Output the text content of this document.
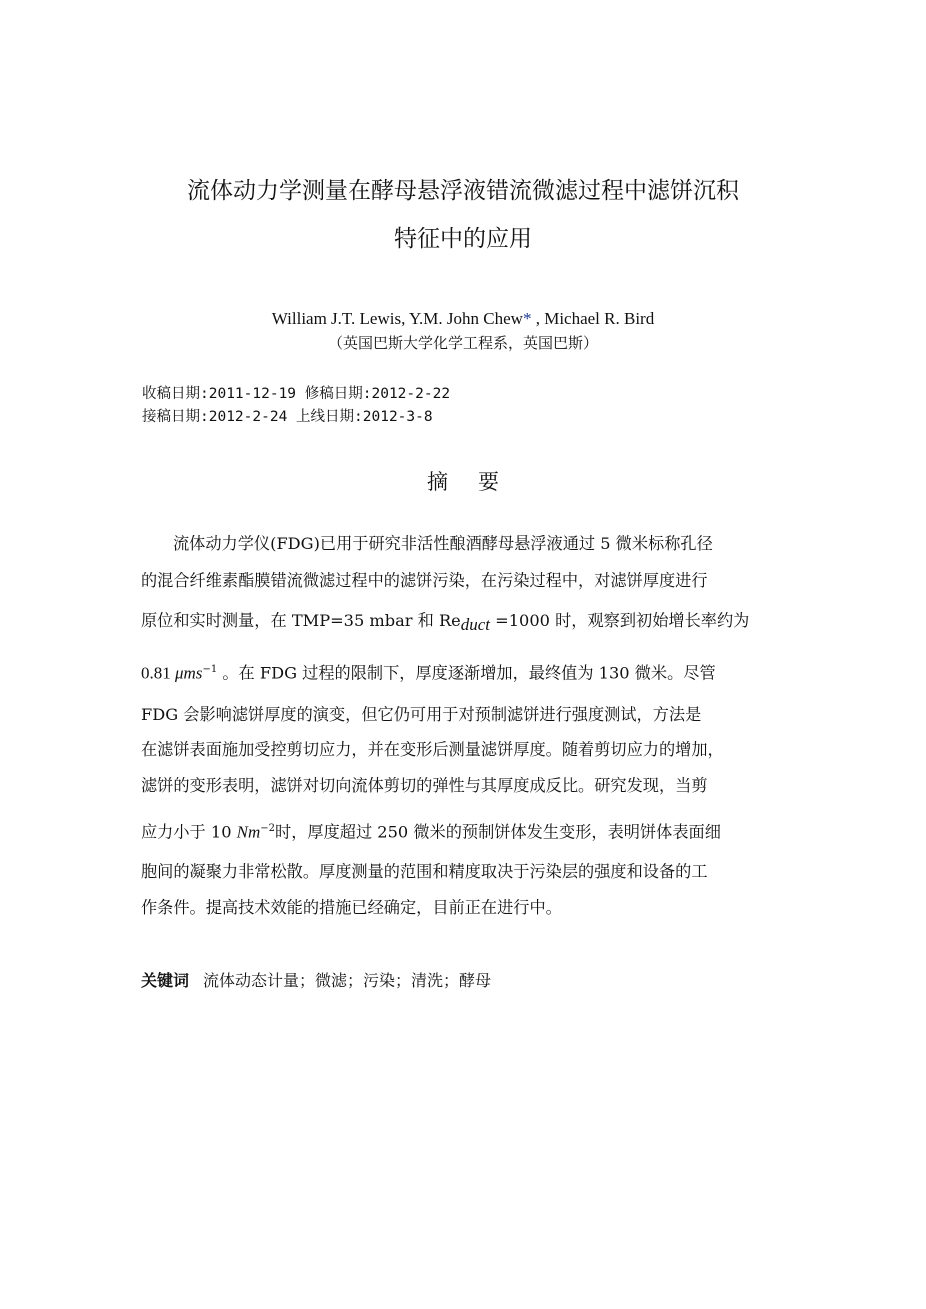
流体动力学测量在酵母悬浮液错流微滤过程中滤饼沉积
特征中的应用
William J.T. Lewis, Y.M. John Chew* , Michael R. Bird
（英国巴斯大学化学工程系，英国巴斯）
收稿日期:2011-12-19 修稿日期:2012-2-22
接稿日期:2012-2-24 上线日期:2012-3-8
摘要
流体动力学仪(FDG)已用于研究非活性酿酒酵母悬浮液通过 5 微米标称孔径
的混合纤维素酯膜错流微滤过程中的滤饼污染，在污染过程中，对滤饼厚度进行
原位和实时测量，在 TMP=35 mbar 和 $Re_{duct} =1000$ 时，观察到初始增长率约为
0.81 μms$^{-1}$ 。在 FDG 过程的限制下，厚度逐渐增加，最终值为 130 微米。尽管
FDG 会影响滤饼厚度的演变，但它仍可用于对预制滤饼进行强度测试，方法是
在滤饼表面施加受控剪切应力，并在变形后测量滤饼厚度。随着剪切应力的增加，
滤饼的变形表明，滤饼对切向流体剪切的弹性与其厚度成反比。研究发现，当剪
应力小于 10 $Nm^{-2}$时，厚度超过 250 微米的预制饼体发生变形，表明饼体表面细
胞间的凝聚力非常松散。厚度测量的范围和精度取决于污染层的强度和设备的工
作条件。提高技术效能的措施已经确定，目前正在进行中。
关键词 流体动态计量；微滤；污染；清洗；酵母
